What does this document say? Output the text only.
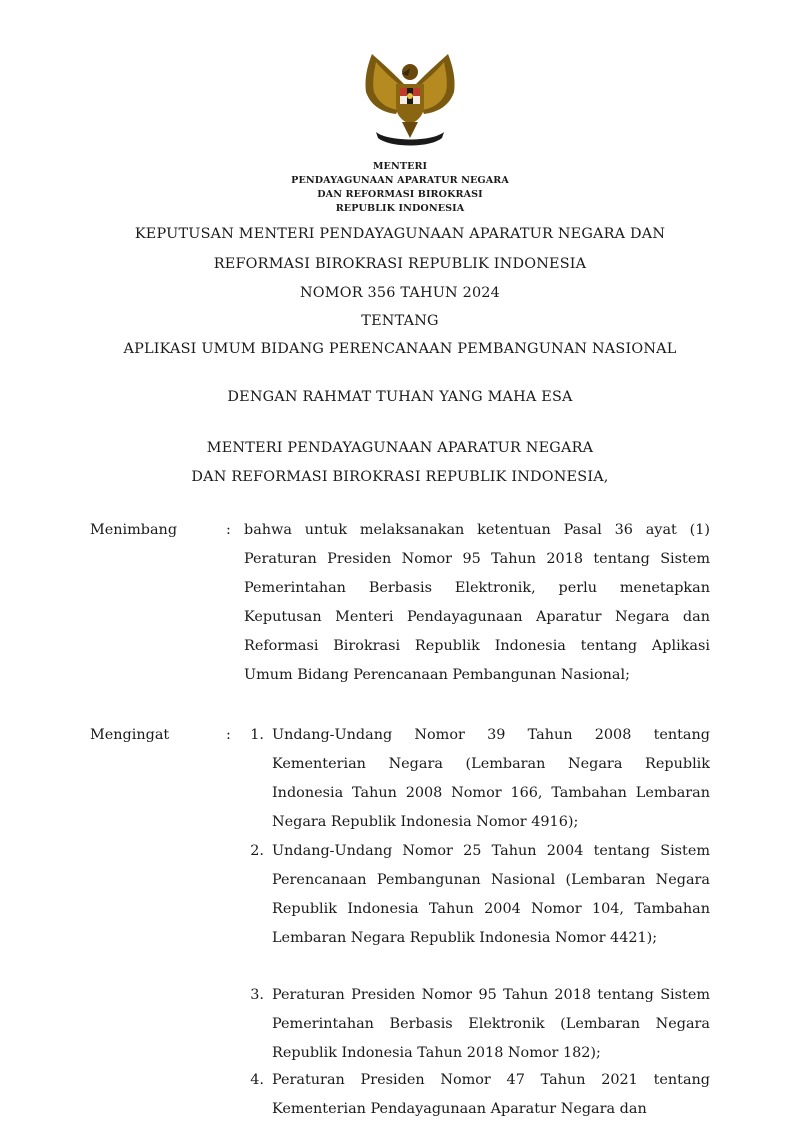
MENTERI
PENDAYAGUNAAN APARATUR NEGARA
DAN REFORMASI BIROKRASI
REPUBLIK INDONESIA
KEPUTUSAN MENTERI PENDAYAGUNAAN APARATUR NEGARA DAN
REFORMASI BIROKRASI REPUBLIK INDONESIA
NOMOR 356 TAHUN 2024
TENTANG
APLIKASI UMUM BIDANG PERENCANAAN PEMBANGUNAN NASIONAL
DENGAN RAHMAT TUHAN YANG MAHA ESA
MENTERI PENDAYAGUNAAN APARATUR NEGARA
DAN REFORMASI BIROKRASI REPUBLIK INDONESIA,
Menimbang	: bahwa untuk melaksanakan ketentuan Pasal 36 ayat (1) Peraturan Presiden Nomor 95 Tahun 2018 tentang Sistem Pemerintahan Berbasis Elektronik, perlu menetapkan Keputusan Menteri Pendayagunaan Aparatur Negara dan Reformasi Birokrasi Republik Indonesia tentang Aplikasi Umum Bidang Perencanaan Pembangunan Nasional;
Mengingat	:	1. Undang-Undang Nomor 39 Tahun 2008 tentang Kementerian Negara (Lembaran Negara Republik Indonesia Tahun 2008 Nomor 166, Tambahan Lembaran Negara Republik Indonesia Nomor 4916);
2. Undang-Undang Nomor 25 Tahun 2004 tentang Sistem Perencanaan Pembangunan Nasional (Lembaran Negara Republik Indonesia Tahun 2004 Nomor 104, Tambahan Lembaran Negara Republik Indonesia Nomor 4421);
3. Peraturan Presiden Nomor 95 Tahun 2018 tentang Sistem Pemerintahan Berbasis Elektronik (Lembaran Negara Republik Indonesia Tahun 2018 Nomor 182);
4. Peraturan Presiden Nomor 47 Tahun 2021 tentang Kementerian Pendayagunaan Aparatur Negara dan
